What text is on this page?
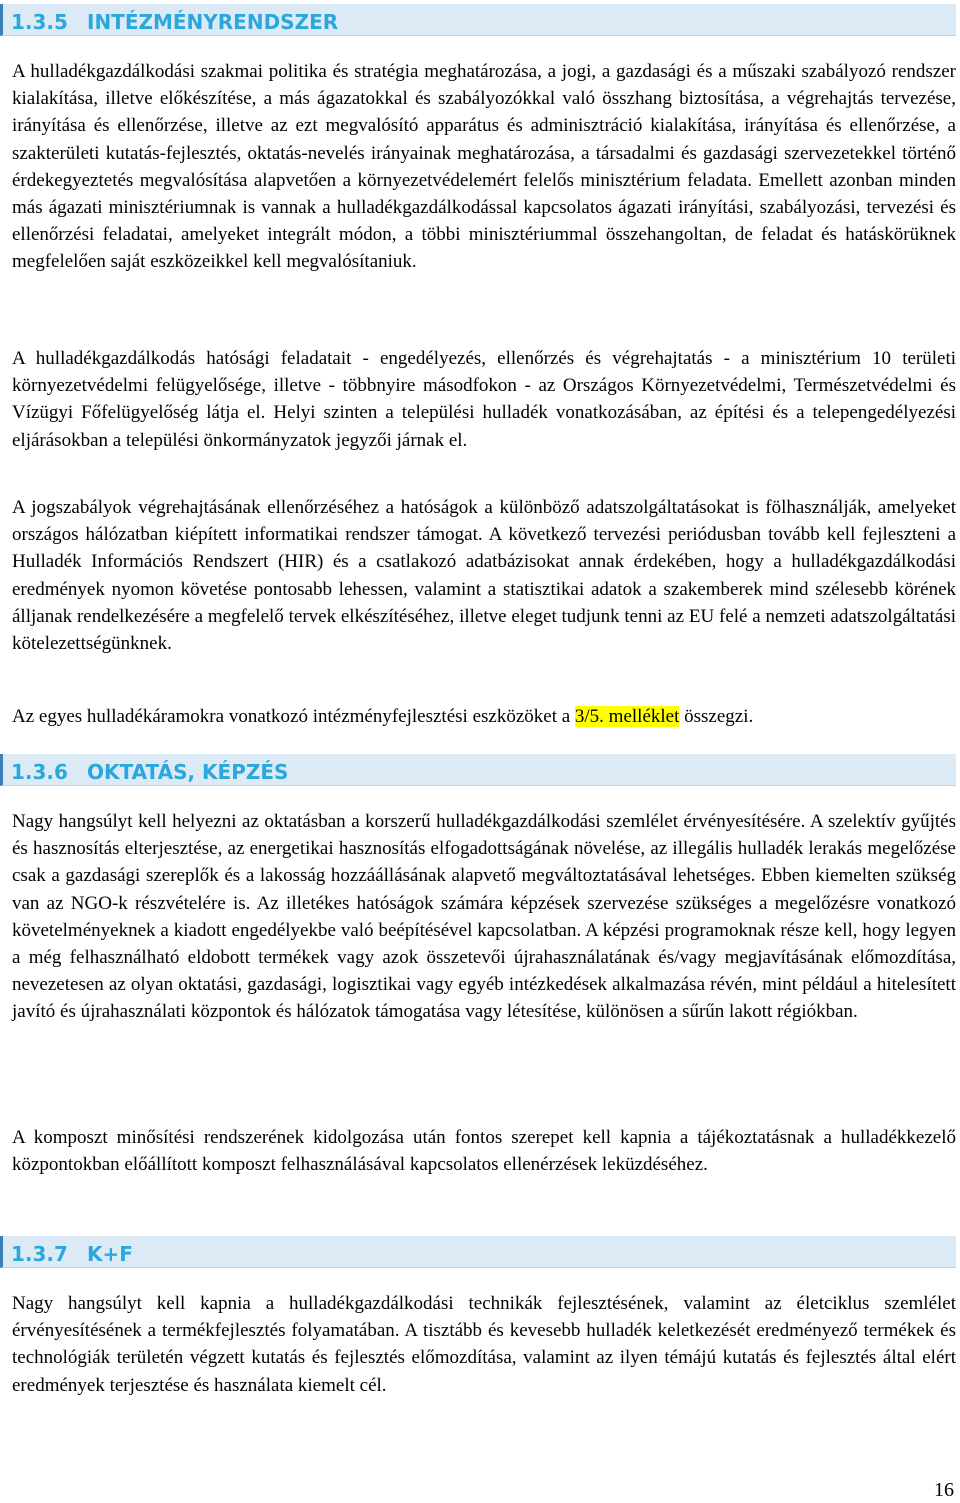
1.3.5 INTÉZMÉNYRENDSZER

A hulladékgazdálkodási szakmai politika és stratégia meghatározása, a jogi, a gazdasági és a műszaki szabályozó rendszer kialakítása, illetve előkészítése, a más ágazatokkal és szabályozókkal való összhang biztosítása, a végrehajtás tervezése, irányítása és ellenőrzése, illetve az ezt megvalósító apparátus és adminisztráció kialakítása, irányítása és ellenőrzése, a szakterületi kutatás-fejlesztés, oktatás-nevelés irányainak meghatározása, a társadalmi és gazdasági szervezetekkel történő érdekegyeztetés megvalósítása alapvetően a környezetvédelemért felelős minisztérium feladata. Emellett azonban minden más ágazati minisztériumnak is vannak a hulladékgazdálkodással kapcsolatos ágazati irányítási, szabályozási, tervezési és ellenőrzési feladatai, amelyeket integrált módon, a többi minisztériummal összehangoltan, de feladat és hatáskörüknek megfelelően saját eszközeikkel kell megvalósítaniuk.

A hulladékgazdálkodás hatósági feladatait - engedélyezés, ellenőrzés és végrehajtatás - a minisztérium 10 területi környezetvédelmi felügyelősége, illetve - többnyire másodfokon - az Országos Környezetvédelmi, Természetvédelmi és Vízügyi Főfelügyelőség látja el. Helyi szinten a települési hulladék vonatkozásában, az építési és a telepengedélyezési eljárásokban a települési önkormányzatok jegyzői járnak el.

A jogszabályok végrehajtásának ellenőrzéséhez a hatóságok a különböző adatszolgáltatásokat is fölhasználják, amelyeket országos hálózatban kiépített informatikai rendszer támogat. A következő tervezési periódusban tovább kell fejleszteni a Hulladék Információs Rendszert (HIR) és a csatlakozó adatbázisokat annak érdekében, hogy a hulladékgazdálkodási eredmények nyomon követése pontosabb lehessen, valamint a statisztikai adatok a szakemberek mind szélesebb körének álljanak rendelkezésére a megfelelő tervek elkészítéséhez, illetve eleget tudjunk tenni az EU felé a nemzeti adatszolgáltatási kötelezettségünknek.

Az egyes hulladékáramokra vonatkozó intézményfejlesztési eszközöket a 3/5. melléklet összegzi.

1.3.6 OKTATÁS, KÉPZÉS

Nagy hangsúlyt kell helyezni az oktatásban a korszerű hulladékgazdálkodási szemlélet érvényesítésére. A szelektív gyűjtés és hasznosítás elterjesztése, az energetikai hasznosítás elfogadottságának növelése, az illegális hulladék lerakás megelőzése csak a gazdasági szereplők és a lakosság hozzáállásának alapvető megváltoztatásával lehetséges. Ebben kiemelten szükség van az NGO-k részvételére is. Az illetékes hatóságok számára képzések szervezése szükséges a megelőzésre vonatkozó követelményeknek a kiadott engedélyekbe való beépítésével kapcsolatban. A képzési programoknak része kell, hogy legyen a még felhasználható eldobott termékek vagy azok összetevői újrahasználatának és/vagy megjavításának előmozdítása, nevezetesen az olyan oktatási, gazdasági, logisztikai vagy egyéb intézkedések alkalmazása révén, mint például a hitelesített javító és újrahasználati központok és hálózatok támogatása vagy létesítése, különösen a sűrűn lakott régiókban.

A komposzt minősítési rendszerének kidolgozása után fontos szerepet kell kapnia a tájékoztatásnak a hulladékkezelő központokban előállított komposzt felhasználásával kapcsolatos ellenérzések leküzdéséhez.

1.3.7 K+F

Nagy hangsúlyt kell kapnia a hulladékgazdálkodási technikák fejlesztésének, valamint az életciklus szemlélet érvényesítésének a termékfejlesztés folyamatában. A tisztább és kevesebb hulladék keletkezését eredményező termékek és technológiák területén végzett kutatás és fejlesztés előmozdítása, valamint az ilyen témájú kutatás és fejlesztés által elért eredmények terjesztése és használata kiemelt cél.

16
